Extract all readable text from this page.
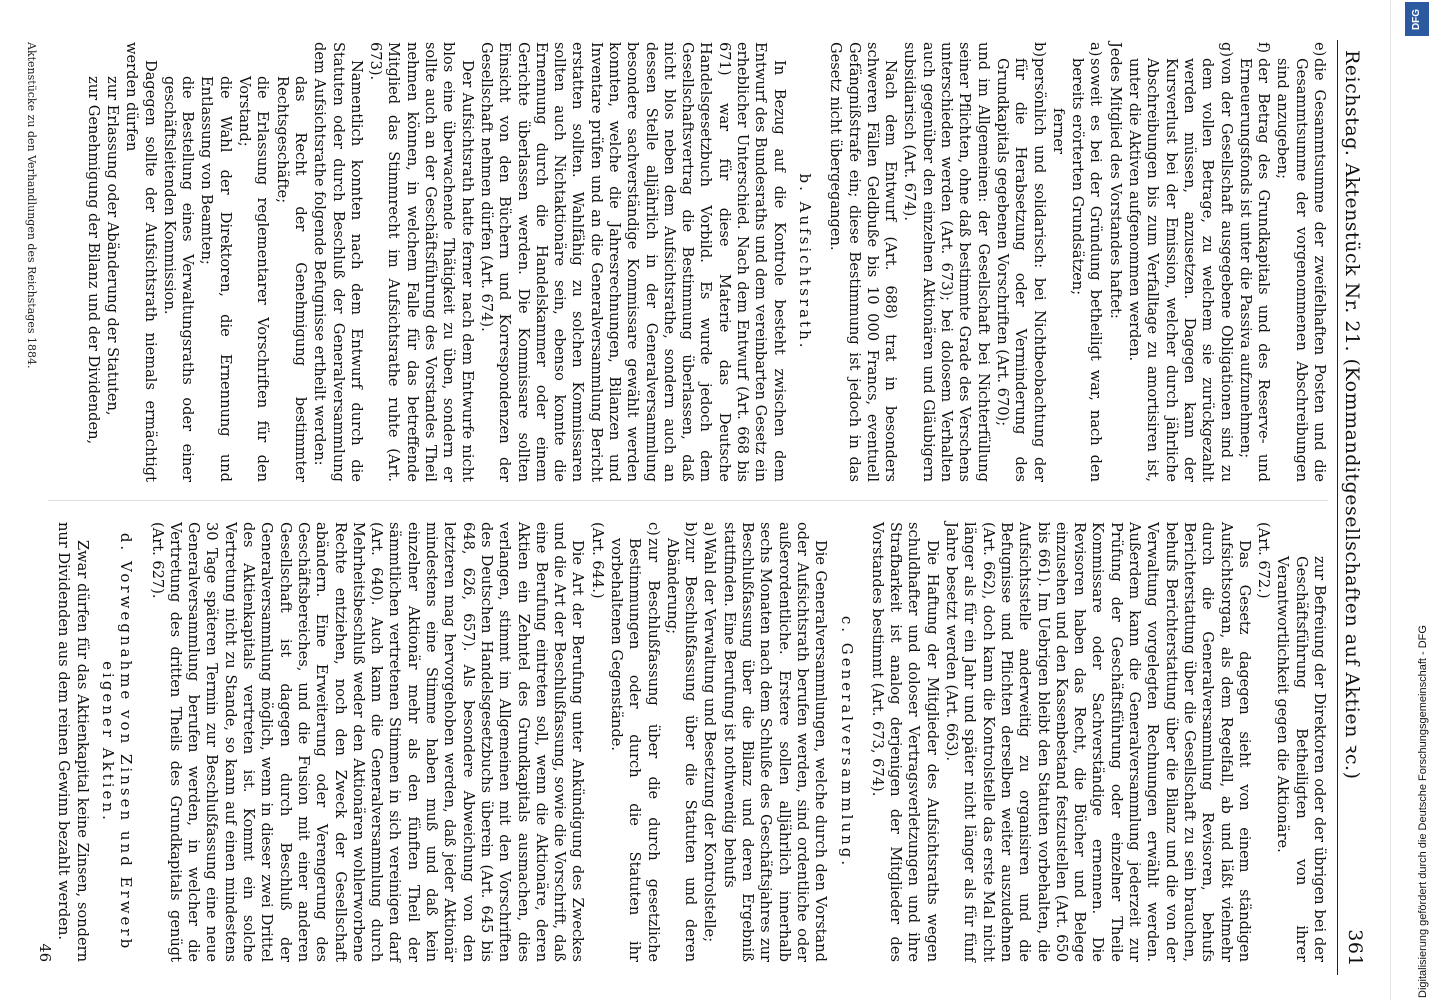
Reichstag. Aktenstück Nr. 21. (Kommanditgesellschaften auf Aktien ꝛc.)
361

e)die Gesammtsumme der zweifelhaften Posten und die Gesammtsumme der vorgenommenen Abschreibungen sind anzugeben;

f)der Betrag des Grundkapitals und des Reserve- und Erneuerungsfonds ist unter die Passiva aufzunehmen;

g)von der Gesellschaft ausgegebene Obligationen sind zu dem vollen Betrage, zu welchem sie zurückgezahlt werden müssen, anzusetzen. Dagegen kann der Kursverlust bei der Emission, welcher durch jährliche Abschreibungen bis zum Verfalltage zu amortisiren ist, unter die Aktiven aufgenommen werden.

Jedes Mitglied des Vorstandes haftet:

a)soweit es bei der Gründung betheiligt war, nach den bereits erörterten Grundsätzen;

ferner

b)persönlich und solidarisch: bei Nichtbeobachtung der für die Herabsetzung oder Verminderung des Grundkapitals gegebenen Vorschriften (Art. 670);

und im Allgemeinen: der Gesellschaft bei Nichterfüllung seiner Pflichten, ohne daß bestimmte Grade des Verschens unterschieden werden (Art. 673); bei dolosem Verhalten auch gegenüber den einzelnen Aktionären und Gläubigern subsidiarisch (Art. 674).

Nach dem Entwurf (Art. 688) trat in besonders schweren Fällen Geldbuße bis 10 000 Francs, eventuell Gefängnißstrafe ein; diese Bestimmung ist jedoch in das Gesetz nicht übergegangen.

b. Aufsichtsrath.

In Bezug auf die Kontrole besteht zwischen dem Entwurf des Bundesraths und dem vereinbarten Gesetz ein erheblicher Unterschied. Nach dem Entwurf (Art. 668 bis 671) war für diese Materie das Deutsche Handelsgesetzbuch Vorbild. Es wurde jedoch dem Gesellschaftsvertrag die Bestimmung überlassen, daß nicht blos neben dem Aufsichtsrathe, sondern auch an dessen Stelle alljährlich in der Generalversammlung besondere sachverständige Kommissare gewählt werden konnten, welche die Jahresrechnungen, Bilanzen und Inventare prüfen und an die Generalversammlung Bericht erstatten sollten. Wahlfähig zu solchen Kommissaren sollten auch Nichtaktionäre sein, ebenso konnte die Ernennung durch die Handelskammer oder einem Gerichte überlassen werden. Die Kommissare sollten Einsicht von den Büchern und Korrespondenzen der Gesellschaft nehmen dürfen (Art. 674).

Der Aufsichtsrath hatte ferner nach dem Entwurfe nicht blos eine überwachende Thätigkeit zu üben, sondern er sollte auch an der Geschäftsführung des Vorstandes Theil nehmen können, in welchem Falle für das betreffende Mitglied das Stimmrecht im Aufsichtsrathe ruhte (Art. 673).

Namentlich konnten nach dem Entwurf durch die Statuten oder durch Beschluß der Generalversammlung dem Aufsichtsrathe folgende Befugnisse ertheilt werden:

das Recht der Genehmigung bestimmter Rechtsgeschäfte;

die Erlassung reglementarer Vorschriften für den Vorstand;

die Wahl der Direktoren, die Ernennung und Entlassung von Beamten;

die Bestellung eines Verwaltungsraths oder einer geschäftsleitenden Kommission.

Dagegen sollte der Aufsichtsrath niemals ermächtigt werden dürfen

zur Erlassung oder Abänderung der Statuten,

zur Genehmigung der Bilanz und der Dividenden,

zur Befreiung der Direktoren oder der übrigen bei der Geschäftsführung Betheiligten von ihrer Verantwortlichkeit gegen die Aktionäre.

(Art. 672.)

Das Gesetz dagegen sieht von einem ständigen Aufsichtsorgan, als dem Regelfall, ab und läßt vielmehr durch die Generalversammlung Revisoren, behufs Berichterstattung über die Gesellschaft zu sein brauchen, behufs Berichterstattung über die Bilanz und die von der Verwaltung vorgelegten Rechnungen erwählt werden. Außerdem kann die Generalversammlung jederzeit zur Prüfung der Geschäftsführung oder einzelner Theile Kommissare oder Sachverständige ernennen. Die Revisoren haben das Recht, die Bücher und Belege einzusehen und den Kassenbestand festzustellen (Art. 650 bis 661). Im Uebrigen bleibt den Statuten vorbehalten, die Aufsichtsstelle anderweitig zu organisiren und die Befugnisse und Pflichten derselben weiter auszudehnen (Art. 662), doch kann die Kontrolstelle das erste Mal nicht länger als für ein Jahr und später nicht länger als für fünf Jahre besetzt werden (Art. 663).

Die Haftung der Mitglieder des Aufsichtsraths wegen schuldhafter und doloser Vertragsverletzungen und ihre Strafbarkeit ist analog derjenigen der Mitglieder des Vorstandes bestimmt (Art. 673, 674).

c. Generalversammlung.

Die Generalversammlungen, welche durch den Vorstand oder Aufsichtsrath berufen werden, sind ordentliche oder außerordentliche. Erstere sollen alljährlich innerhalb sechs Monaten nach dem Schluße des Geschäftsjahres zur Beschlußfassung über die Bilanz und deren Ergebniß stattfinden. Eine Berufung ist nothwendig behufs

a)Wahl der Verwaltung und Besetzung der Kontrolstelle;

b)zur Beschlußfassung über die Statuten und deren Abänderung;

c)zur Beschlußfassung über die durch gesetzliche Bestimmungen oder durch die Statuten ihr vorbehaltenen Gegenstände.

(Art. 644.)

Die Art der Berufung unter Ankündigung des Zweckes und die Art der Beschlußfassung, sowie die Vorschrift, daß eine Berufung eintreten soll, wenn die Aktionäre, deren Aktien ein Zehntel des Grundkapitals ausmachen, dies verlangen, stimmt im Allgemeinen mit den Vorschriften des Deutschen Handelsgesetzbuchs überein (Art. 645 bis 648, 626, 657). Als besondere Abweichung von den letzteren mag hervorgehoben werden, daß jeder Aktionär mindestens eine Stimme haben muß und daß kein einzelner Aktionär mehr als den fünften Theil der sämmtlichen vertretenen Stimmen in sich vereinigen darf (Art. 640). Auch kann die Generalversammlung durch Mehrheitsbeschluß weder den Aktionären wohlerworbene Rechte entziehen, noch den Zweck der Gesellschaft abändern. Eine Erweiterung oder Verengerung des Geschäftsbereiches, und die Fusion mit einer anderen Gesellschaft ist dagegen durch Beschluß der Generalversammlung möglich, wenn in dieser zwei Drittel des Aktienkapitals vertreten ist. Kommt ein solche Vertretung nicht zu Stande, so kann auf einen mindestens 30 Tage späteren Termin zur Beschlußfassung eine neue Generalversammlung berufen werden, in welcher die Vertretung des dritten Theils des Grundkapitals genügt (Art. 627).

d. Vorwegnahme von Zinsen und Erwerb eigener Aktien.

Zwar dürfen für das Aktienkapital keine Zinsen, sondern nur Dividenden aus dem reinen Gewinn bezahlt werden.

46

Aktenstücke zu den Verhandlungen des Reichstages 1884.
DFG
Digitalisierung gefördert durch die Deutsche Forschungsgemeinschaft - DFG
